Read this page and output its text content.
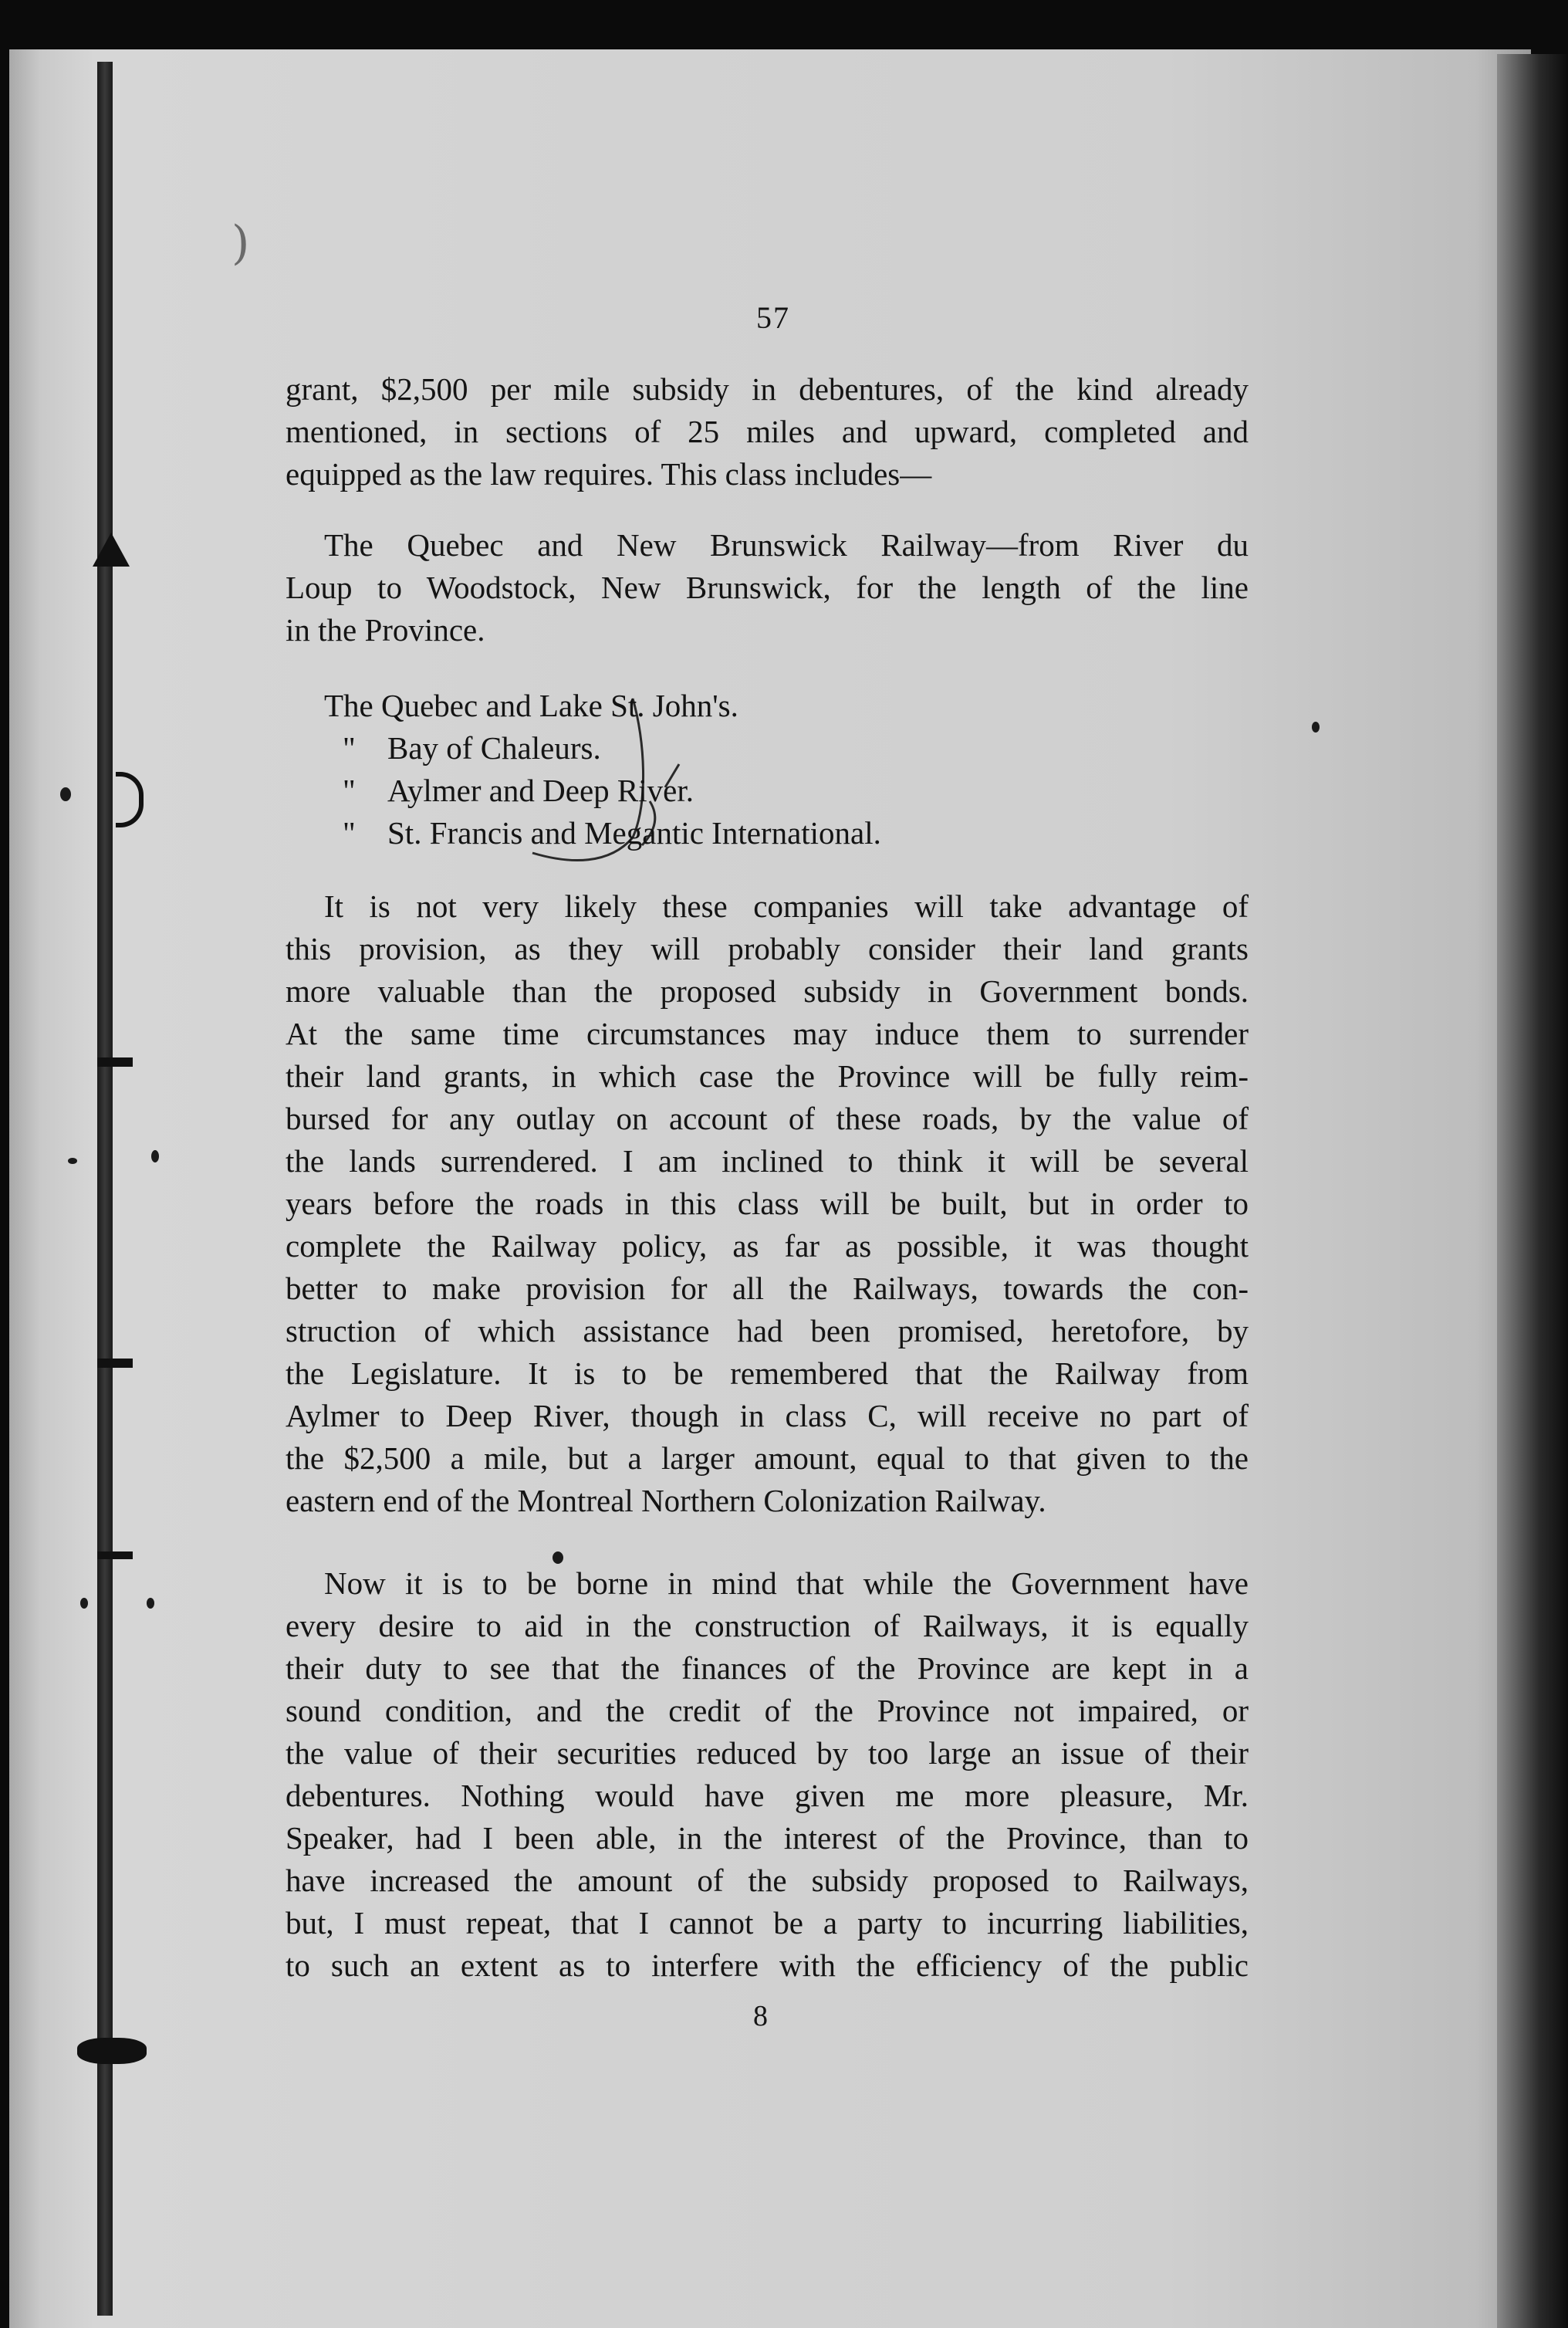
)
57
grant, $2,500 per mile subsidy in debentures, of the kind already
mentioned, in sections of 25 miles and upward, completed and
equipped as the law requires. This class includes—
The Quebec and New Brunswick Railway—from River du
Loup to Woodstock, New Brunswick, for the length of the line
in the Province.
The Quebec and Lake St. John's.
" Bay of Chaleurs.
" Aylmer and Deep River.
" St. Francis and Megantic International.
It is not very likely these companies will take advantage of
this provision, as they will probably consider their land grants
more valuable than the proposed subsidy in Government bonds.
At the same time circumstances may induce them to surrender
their land grants, in which case the Province will be fully reim-
bursed for any outlay on account of these roads, by the value of
the lands surrendered. I am inclined to think it will be several
years before the roads in this class will be built, but in order to
complete the Railway policy, as far as possible, it was thought
better to make provision for all the Railways, towards the con-
struction of which assistance had been promised, heretofore, by
the Legislature. It is to be remembered that the Railway from
Aylmer to Deep River, though in class C, will receive no part of
the $2,500 a mile, but a larger amount, equal to that given to the
eastern end of the Montreal Northern Colonization Railway.
Now it is to be borne in mind that while the Government have
every desire to aid in the construction of Railways, it is equally
their duty to see that the finances of the Province are kept in a
sound condition, and the credit of the Province not impaired, or
the value of their securities reduced by too large an issue of their
debentures. Nothing would have given me more pleasure, Mr.
Speaker, had I been able, in the interest of the Province, than to
have increased the amount of the subsidy proposed to Railways,
but, I must repeat, that I cannot be a party to incurring liabilities,
to such an extent as to interfere with the efficiency of the public
8
